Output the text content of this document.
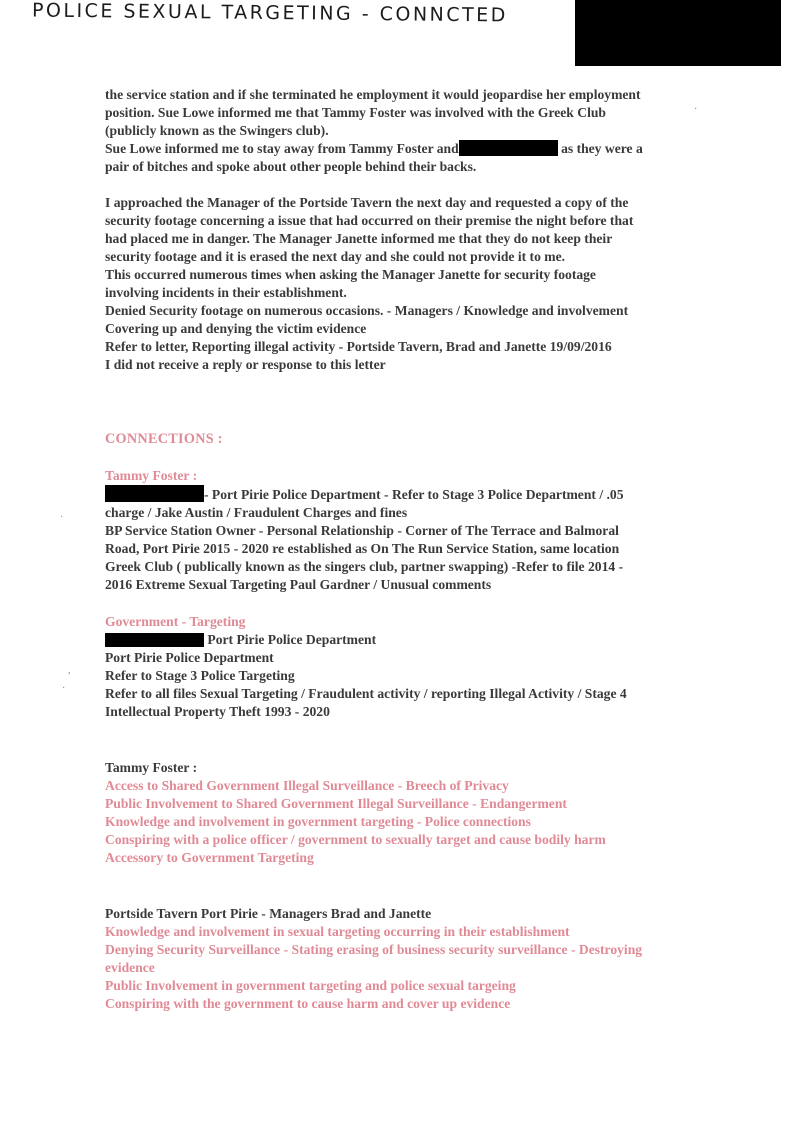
POLICE SEXUAL TARGETING - CONNCTED
the service station and if she terminated he employment it would jeopardise her employment
position. Sue Lowe informed me that Tammy Foster was involved with the Greek Club
(publicly known as the Swingers club).
Sue Lowe informed me to stay away from Tammy Foster and	as they were a
pair of bitches and spoke about other people behind their backs.
I approached the Manager of the Portside Tavern the next day and requested a copy of the
security footage concerning a issue that had occurred on their premise the night before that
had placed me in danger. The Manager Janette informed me that they do not keep their
security footage and it is erased the next day and she could not provide it to me.
This occurred numerous times when asking the Manager Janette for security footage
involving incidents in their establishment.
Denied Security footage on numerous occasions. - Managers / Knowledge and involvement
Covering up and denying the victim evidence
Refer to letter, Reporting illegal activity - Portside Tavern, Brad and Janette 19/09/2016
I did not receive a reply or response to this letter
CONNECTIONS :
Tammy Foster :
- Port Pirie Police Department - Refer to Stage 3 Police Department / .05
charge / Jake Austin / Fraudulent Charges and fines
BP Service Station Owner - Personal Relationship - Corner of The Terrace and Balmoral
Road, Port Pirie 2015 - 2020 re established as On The Run Service Station, same location
Greek Club ( publically known as the singers club, partner swapping) -Refer to file 2014 -
2016 Extreme Sexual Targeting Paul Gardner / Unusual comments
Government - Targeting
Port Pirie Police Department
Port Pirie Police Department
Refer to Stage 3 Police Targeting
Refer to all files Sexual Targeting / Fraudulent activity / reporting Illegal Activity / Stage 4
Intellectual Property Theft 1993 - 2020
Tammy Foster :
Access to Shared Government Illegal Surveillance - Breech of Privacy
Public Involvement to Shared Government Illegal Surveillance - Endangerment
Knowledge and involvement in government targeting - Police connections
Conspiring with a police officer / government to sexually target and cause bodily harm
Accessory to Government Targeting
Portside Tavern Port Pirie - Managers Brad and Janette
Knowledge and involvement in sexual targeting occurring in their establishment
Denying Security Surveillance - Stating erasing of business security surveillance - Destroying
evidence
Public Involvement in government targeting and police sexual targeing
Conspiring with the government to cause harm and cover up evidence
·
,
·
·
